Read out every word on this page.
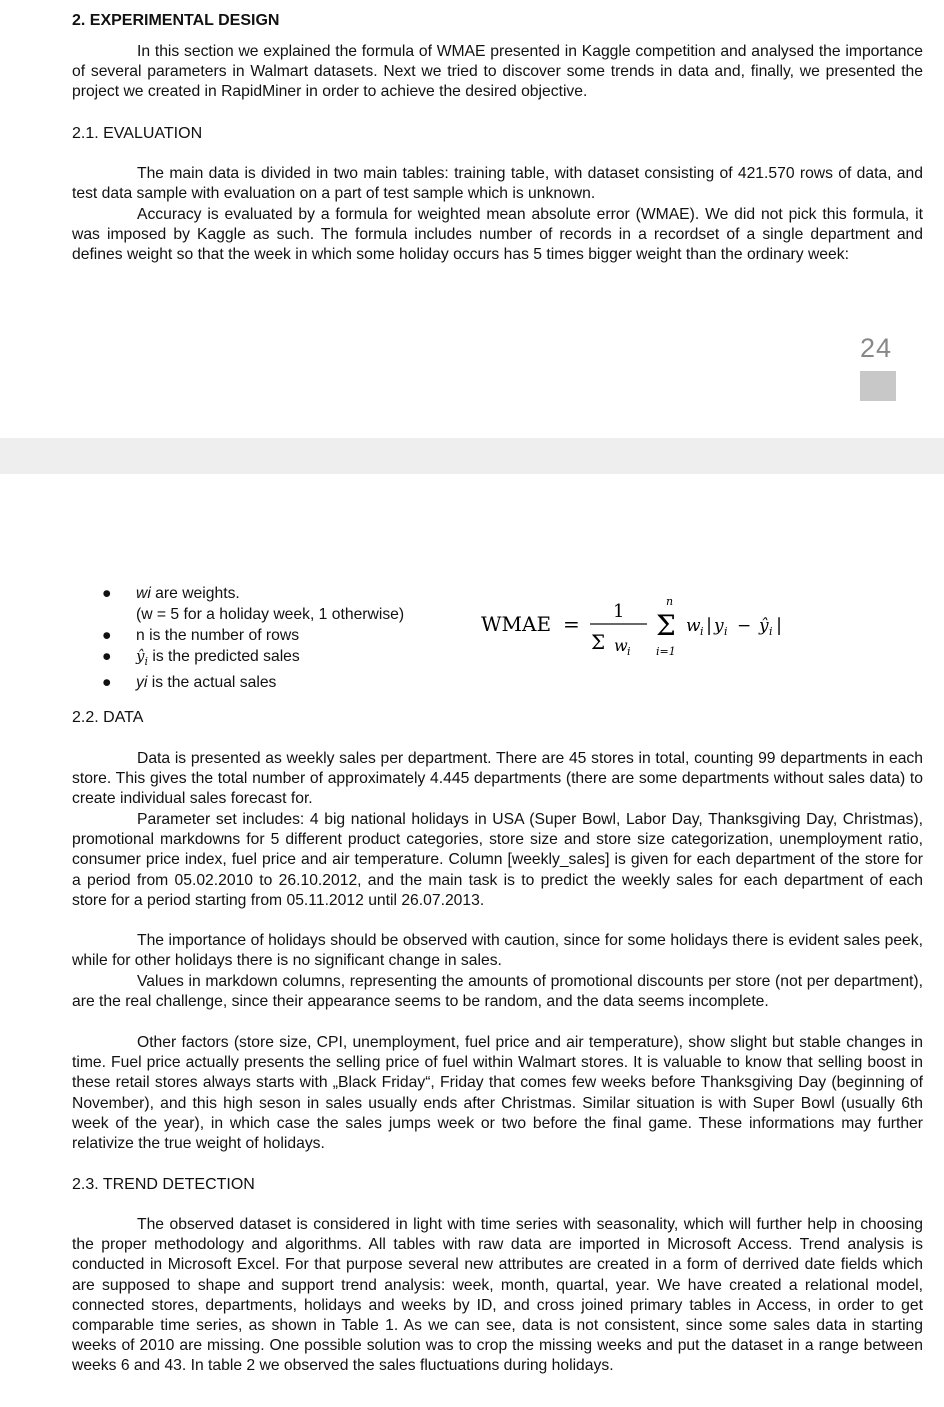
2. EXPERIMENTAL DESIGN

In this section we explained the formula of WMAE presented in Kaggle competition and analysed the importance of several parameters in Walmart datasets. Next we tried to discover some trends in data and, finally, we presented the project we created in RapidMiner in order to achieve the desired objective.

2.1. EVALUATION

The main data is divided in two main tables: training table, with dataset consisting of 421.570 rows of data, and test data sample with evaluation on a part of test sample which is unknown.

Accuracy is evaluated by a formula for weighted mean absolute error (WMAE). We did not pick this formula, it was imposed by Kaggle as such. The formula includes number of records in a recordset of a single department and defines weight so that the week in which some holiday occurs has 5 times bigger weight than the ordinary week:

24
● wi are weights.
(w = 5 for a holiday week, 1 otherwise)
● n is the number of rows
● $ŷ_i$ is the predicted sales
● yi is the actual sales
WMAE =
1
Σ w i
n
Σ
i=1
w i | y i − ŷ i |
2.2. DATA

Data is presented as weekly sales per department. There are 45 stores in total, counting 99 departments in each store. This gives the total number of approximately 4.445 departments (there are some departments without sales data) to create individual sales forecast for.

Parameter set includes: 4 big national holidays in USA (Super Bowl, Labor Day, Thanksgiving Day, Christmas), promotional markdowns for 5 different product categories, store size and store size categorization, unemployment ratio, consumer price index, fuel price and air temperature. Column [weekly_sales] is given for each department of the store for a period from 05.02.2010 to 26.10.2012, and the main task is to predict the weekly sales for each department of each store for a period starting from 05.11.2012 until 26.07.2013.

The importance of holidays should be observed with caution, since for some holidays there is evident sales peek, while for other holidays there is no significant change in sales.

Values in markdown columns, representing the amounts of promotional discounts per store (not per department), are the real challenge, since their appearance seems to be random, and the data seems incomplete.

Other factors (store size, CPI, unemployment, fuel price and air temperature), show slight but stable changes in time. Fuel price actually presents the selling price of fuel within Walmart stores. It is valuable to know that selling boost in these retail stores always starts with „Black Friday“, Friday that comes few weeks before Thanksgiving Day (beginning of November), and this high seson in sales usually ends after Christmas. Similar situation is with Super Bowl (usually 6th week of the year), in which case the sales jumps week or two before the final game. These informations may further relativize the true weight of holidays.

2.3. TREND DETECTION

The observed dataset is considered in light with time series with seasonality, which will further help in choosing the proper methodology and algorithms. All tables with raw data are imported in Microsoft Access. Trend analysis is conducted in Microsoft Excel. For that purpose several new attributes are created in a form of derrived date fields which are supposed to shape and support trend analysis: week, month, quartal, year. We have created a relational model, connected stores, departments, holidays and weeks by ID, and cross joined primary tables in Access, in order to get comparable time series, as shown in Table 1. As we can see, data is not consistent, since some sales data in starting weeks of 2010 are missing. One possible solution was to crop the missing weeks and put the dataset in a range between weeks 6 and 43. In table 2 we observed the sales fluctuations during holidays.
